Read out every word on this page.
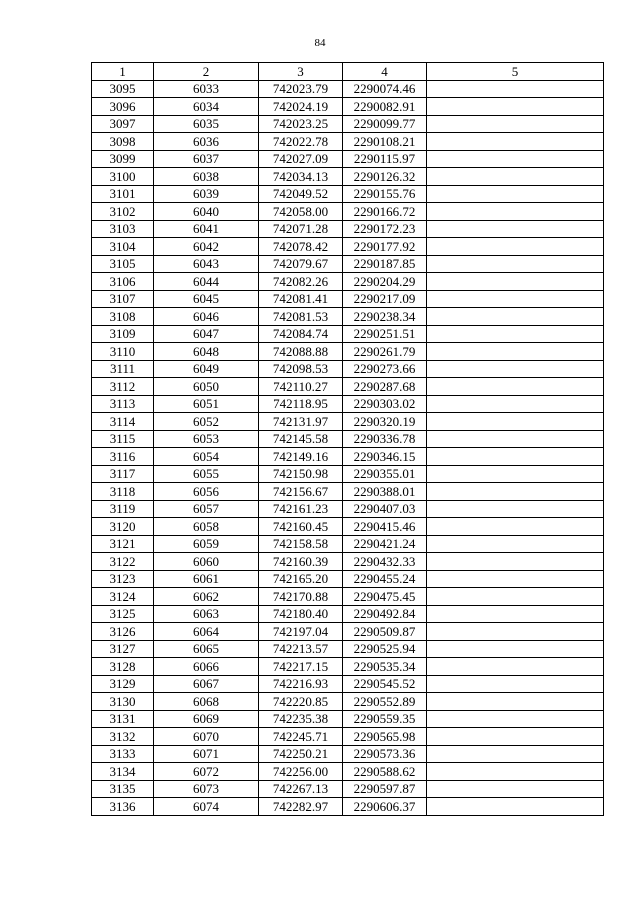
84
1	2	3	4	5
3095	6033	742023.79	2290074.46	
3096	6034	742024.19	2290082.91	
3097	6035	742023.25	2290099.77	
3098	6036	742022.78	2290108.21	
3099	6037	742027.09	2290115.97	
3100	6038	742034.13	2290126.32	
3101	6039	742049.52	2290155.76	
3102	6040	742058.00	2290166.72	
3103	6041	742071.28	2290172.23	
3104	6042	742078.42	2290177.92	
3105	6043	742079.67	2290187.85	
3106	6044	742082.26	2290204.29	
3107	6045	742081.41	2290217.09	
3108	6046	742081.53	2290238.34	
3109	6047	742084.74	2290251.51	
3110	6048	742088.88	2290261.79	
3111	6049	742098.53	2290273.66	
3112	6050	742110.27	2290287.68	
3113	6051	742118.95	2290303.02	
3114	6052	742131.97	2290320.19	
3115	6053	742145.58	2290336.78	
3116	6054	742149.16	2290346.15	
3117	6055	742150.98	2290355.01	
3118	6056	742156.67	2290388.01	
3119	6057	742161.23	2290407.03	
3120	6058	742160.45	2290415.46	
3121	6059	742158.58	2290421.24	
3122	6060	742160.39	2290432.33	
3123	6061	742165.20	2290455.24	
3124	6062	742170.88	2290475.45	
3125	6063	742180.40	2290492.84	
3126	6064	742197.04	2290509.87	
3127	6065	742213.57	2290525.94	
3128	6066	742217.15	2290535.34	
3129	6067	742216.93	2290545.52	
3130	6068	742220.85	2290552.89	
3131	6069	742235.38	2290559.35	
3132	6070	742245.71	2290565.98	
3133	6071	742250.21	2290573.36	
3134	6072	742256.00	2290588.62	
3135	6073	742267.13	2290597.87	
3136	6074	742282.97	2290606.37	
